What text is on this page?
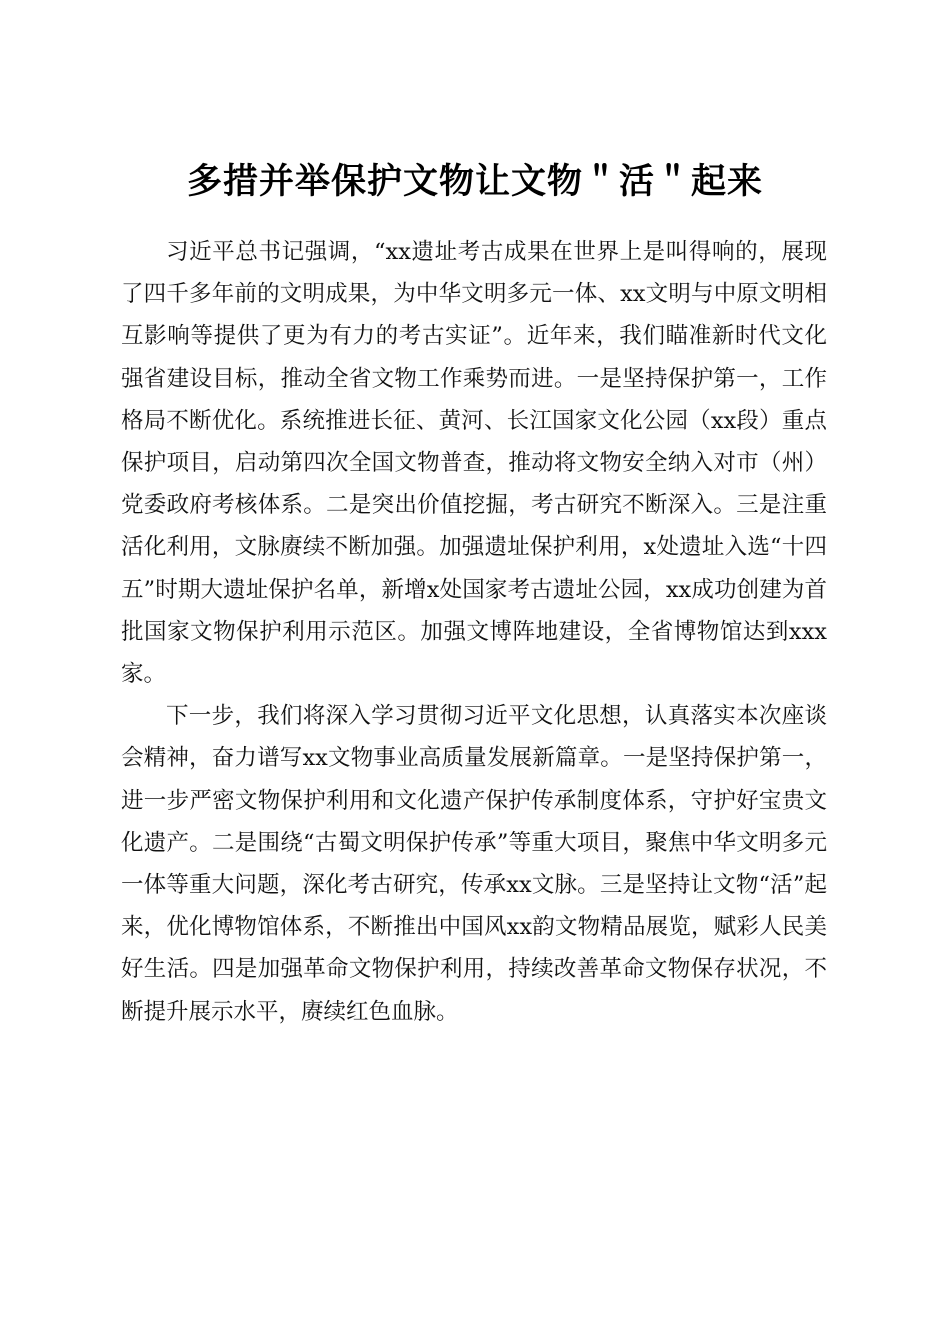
多措并举保护文物让文物＂活＂起来

习近平总书记强调，“xx遗址考古成果在世界上是叫得响的，展现了四千多年前的文明成果，为中华文明多元一体、xx文明与中原文明相互影响等提供了更为有力的考古实证”。近年来，我们瞄准新时代文化强省建设目标，推动全省文物工作乘势而进。一是坚持保护第一，工作格局不断优化。系统推进长征、黄河、长江国家文化公园（xx段）重点保护项目，启动第四次全国文物普查，推动将文物安全纳入对市（州）党委政府考核体系。二是突出价值挖掘，考古研究不断深入。三是注重活化利用，文脉赓续不断加强。加强遗址保护利用，x处遗址入选“十四五”时期大遗址保护名单，新增x处国家考古遗址公园，xx成功创建为首批国家文物保护利用示范区。加强文博阵地建设，全省博物馆达到xxx家。

下一步，我们将深入学习贯彻习近平文化思想，认真落实本次座谈会精神，奋力谱写xx文物事业高质量发展新篇章。一是坚持保护第一，进一步严密文物保护利用和文化遗产保护传承制度体系，守护好宝贵文化遗产。二是围绕“古蜀文明保护传承”等重大项目，聚焦中华文明多元一体等重大问题，深化考古研究，传承xx文脉。三是坚持让文物“活”起来，优化博物馆体系，不断推出中国风xx韵文物精品展览，赋彩人民美好生活。四是加强革命文物保护利用，持续改善革命文物保存状况，不断提升展示水平，赓续红色血脉。
